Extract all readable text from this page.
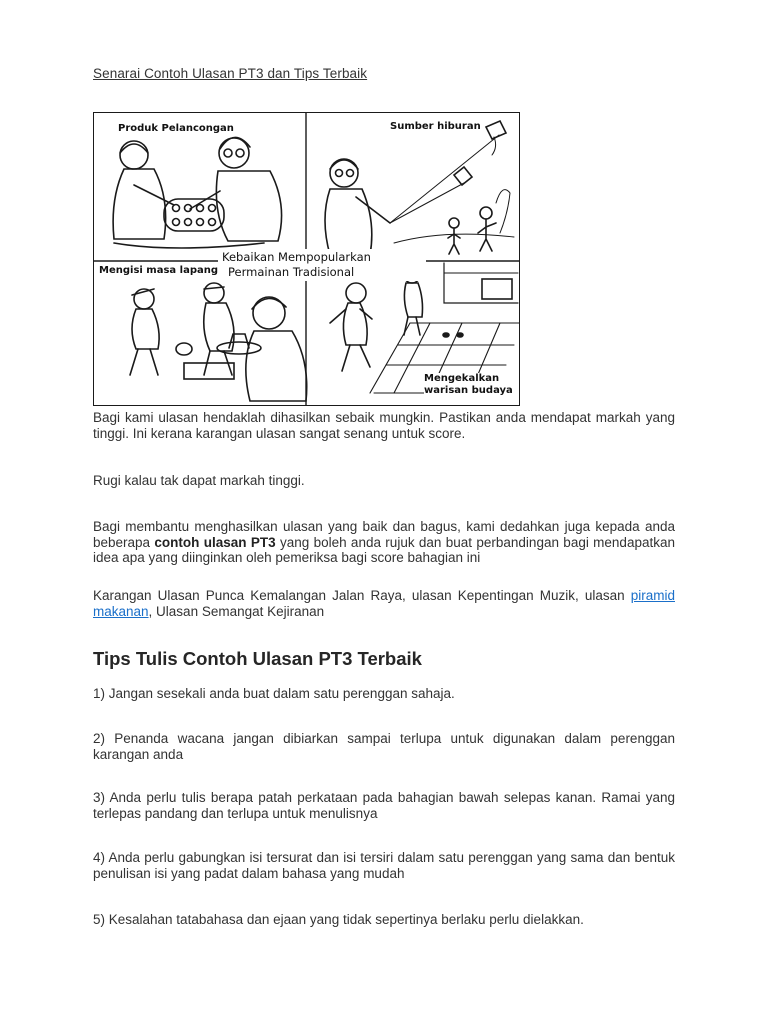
Senarai Contoh Ulasan PT3 dan Tips Terbaik
Produk Pelancongan	Sumber hiburan
Mengisi masa lapang
Kebaikan Mempopularkan
Permainan Tradisional
Mengekalkan
warisan budaya
Bagi kami ulasan hendaklah dihasilkan sebaik mungkin. Pastikan anda mendapat markah yang tinggi. Ini kerana karangan ulasan sangat senang untuk score.
Rugi kalau tak dapat markah tinggi.
Bagi membantu menghasilkan ulasan yang baik dan bagus, kami dedahkan juga kepada anda beberapa contoh ulasan PT3 yang boleh anda rujuk dan buat perbandingan bagi mendapatkan idea apa yang diinginkan oleh pemeriksa bagi score bahagian ini
Karangan Ulasan Punca Kemalangan Jalan Raya, ulasan Kepentingan Muzik, ulasan piramid makanan, Ulasan Semangat Kejiranan
Tips Tulis Contoh Ulasan PT3 Terbaik
1) Jangan sesekali anda buat dalam satu perenggan sahaja.
2) Penanda wacana jangan dibiarkan sampai terlupa untuk digunakan dalam perenggan karangan anda
3) Anda perlu tulis berapa patah perkataan pada bahagian bawah selepas kanan. Ramai yang terlepas pandang dan terlupa untuk menulisnya
4) Anda perlu gabungkan isi tersurat dan isi tersiri dalam satu perenggan yang sama dan bentuk penulisan isi yang padat dalam bahasa yang mudah
5) Kesalahan tatabahasa dan ejaan yang tidak sepertinya berlaku perlu dielakkan.
